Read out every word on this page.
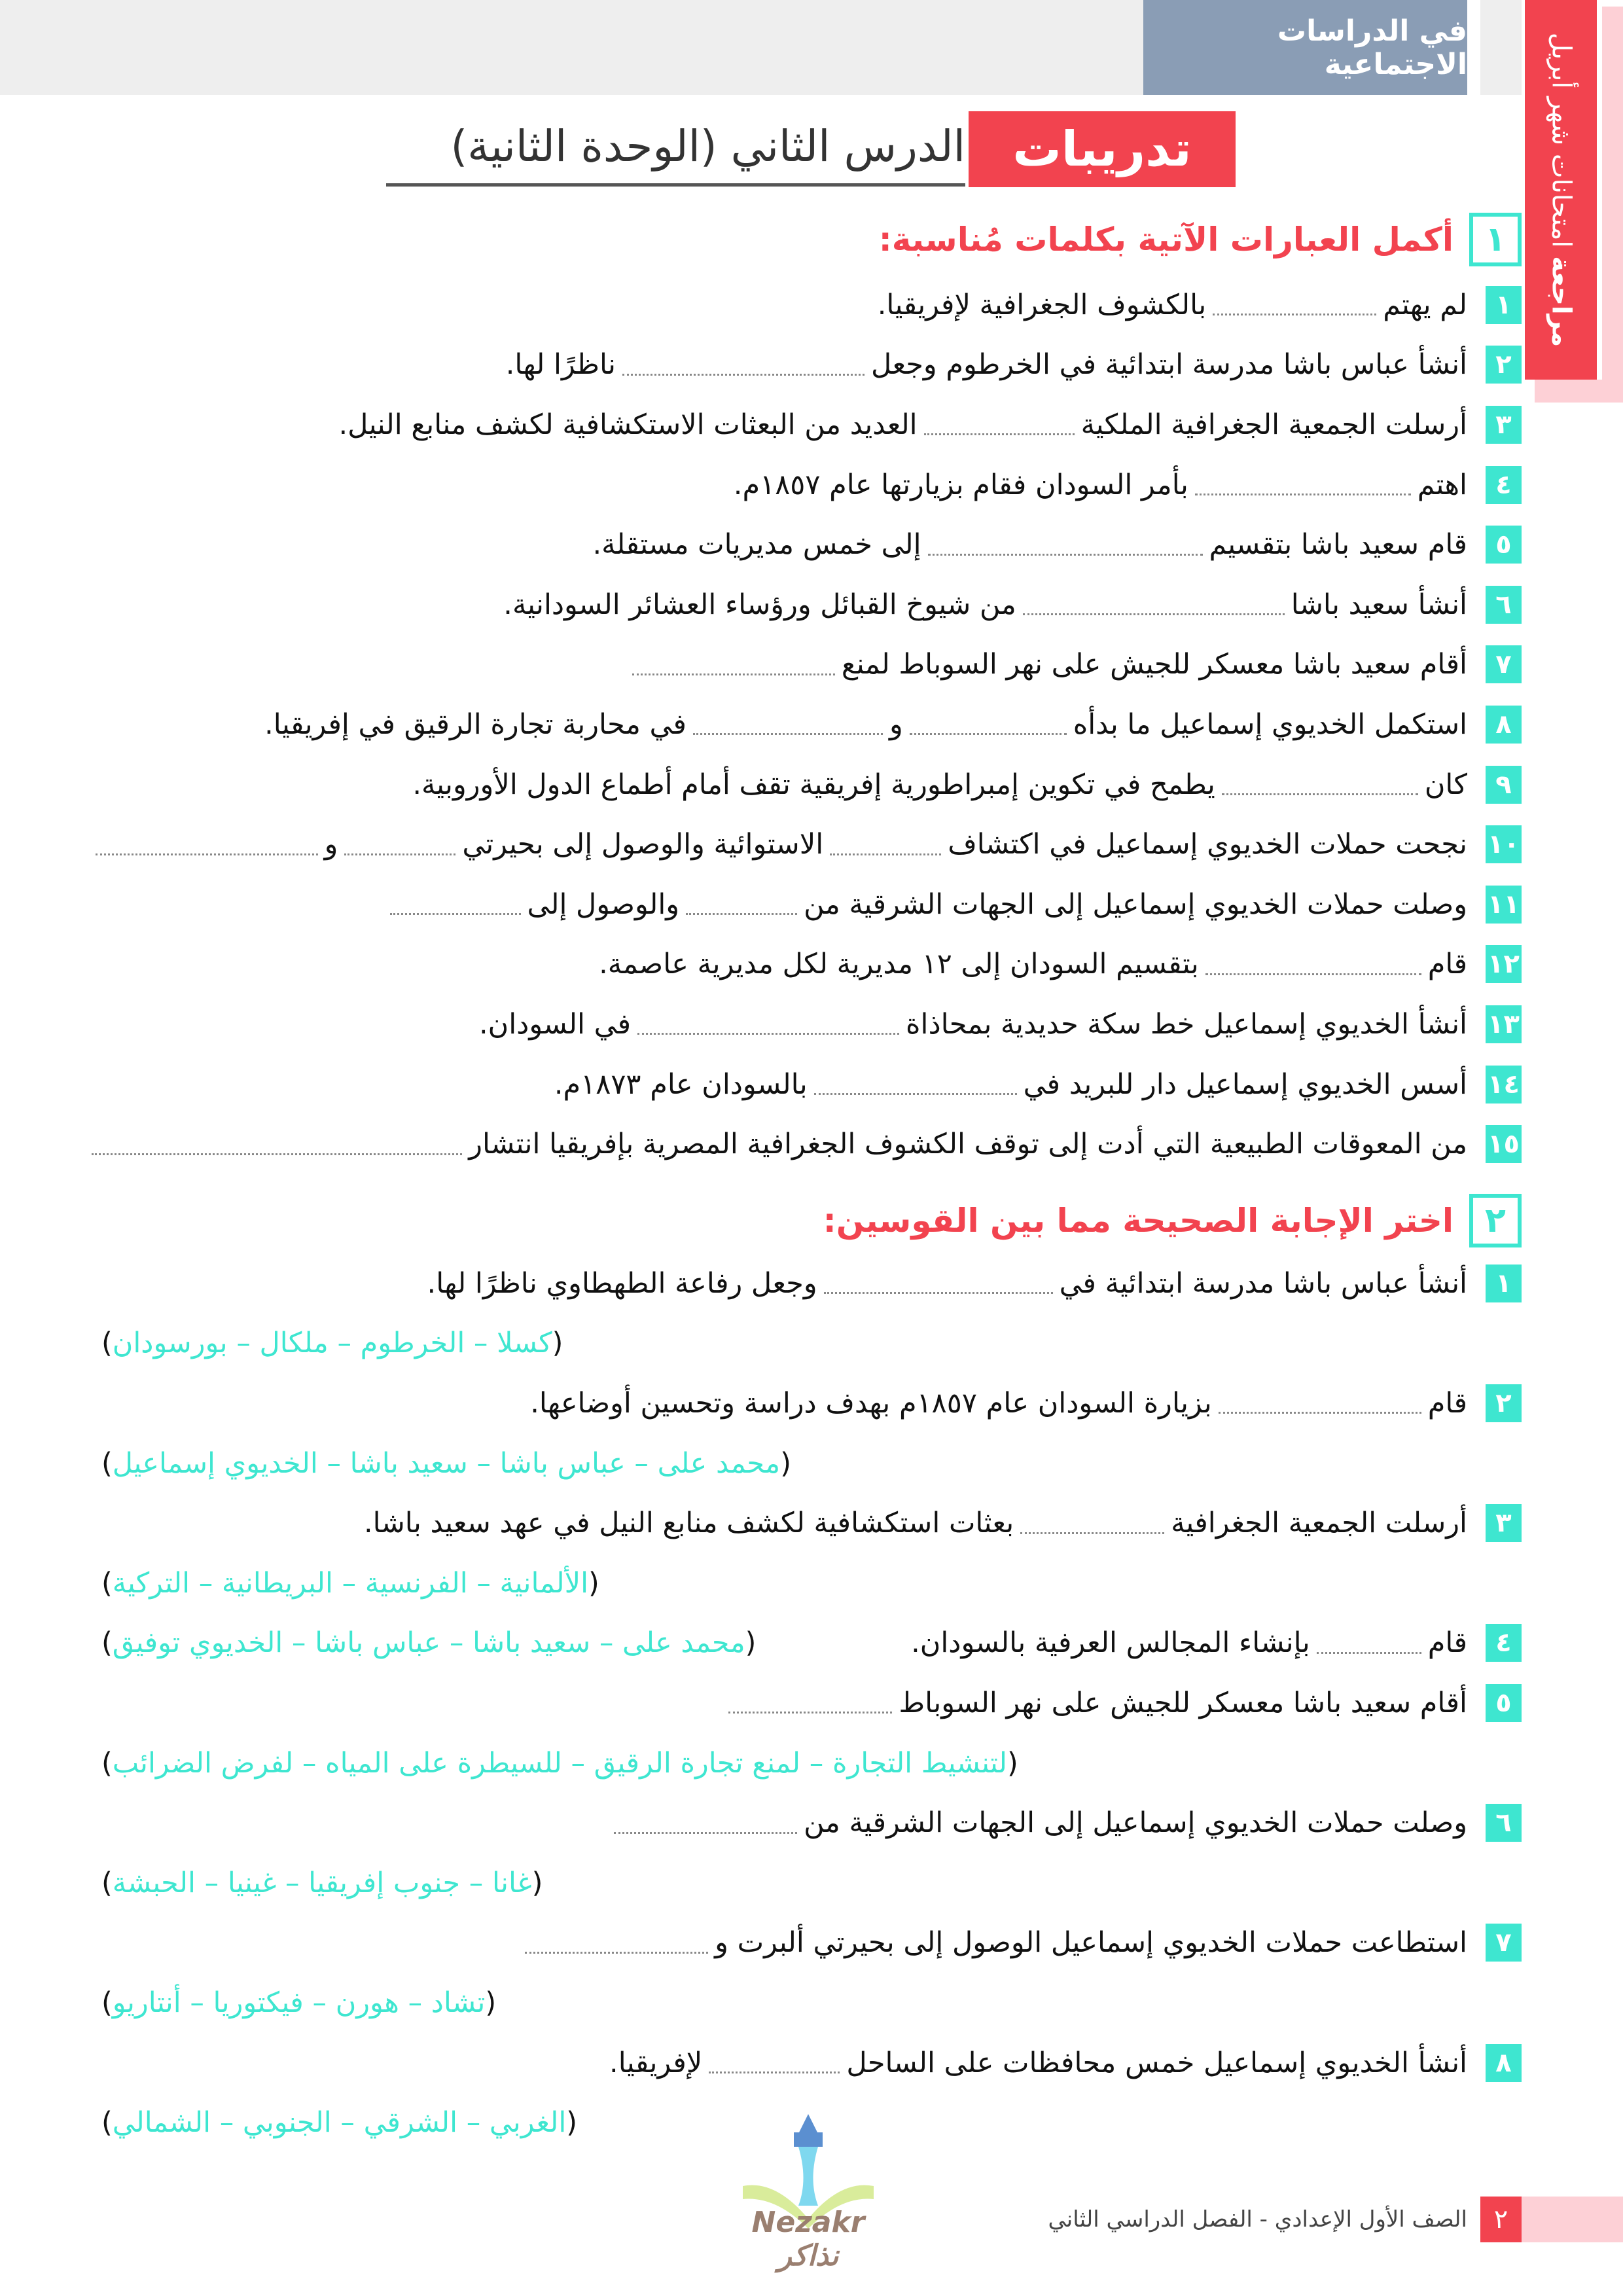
في الدراسات الاجتماعية
مراجعة امتحانات شهر أبريل
تدريبات
الدرس الثاني (الوحدة الثانية)
١
أكمل العبارات الآتية بكلمات مُناسبة:
١
لم يهتم
بالكشوف الجغرافية لإفريقيا.
٢
أنشأ عباس باشا مدرسة ابتدائية في الخرطوم وجعل
ناظرًا لها.
٣
أرسلت الجمعية الجغرافية الملكية
العديد من البعثات الاستكشافية لكشف منابع النيل.
٤
اهتم
بأمر السودان فقام بزيارتها عام ١٨٥٧م.
٥
قام سعيد باشا بتقسيم
إلى خمس مديريات مستقلة.
٦
أنشأ سعيد باشا
من شيوخ القبائل ورؤساء العشائر السودانية.
٧
أقام سعيد باشا معسكر للجيش على نهر السوباط لمنع
٨
استكمل الخديوي إسماعيل ما بدأه
و
في محاربة تجارة الرقيق في إفريقيا.
٩
كان
يطمح في تكوين إمبراطورية إفريقية تقف أمام أطماع الدول الأوروبية.
١٠
نجحت حملات الخديوي إسماعيل في اكتشاف
الاستوائية والوصول إلى بحيرتي
و
١١
وصلت حملات الخديوي إسماعيل إلى الجهات الشرقية من
والوصول إلى
١٢
قام
بتقسيم السودان إلى ١٢ مديرية لكل مديرية عاصمة.
١٣
أنشأ الخديوي إسماعيل خط سكة حديدية بمحاذاة
في السودان.
١٤
أسس الخديوي إسماعيل دار للبريد في
بالسودان عام ١٨٧٣م.
١٥
من المعوقات الطبيعية التي أدت إلى توقف الكشوف الجغرافية المصرية بإفريقيا انتشار
٢
اختر الإجابة الصحيحة مما بين القوسين:
١
أنشأ عباس باشا مدرسة ابتدائية في
وجعل رفاعة الطهطاوي ناظرًا لها.
(
كسلا – الخرطوم – ملكال – بورسودان
)
٢
قام
بزيارة السودان عام ١٨٥٧م بهدف دراسة وتحسين أوضاعها.
(
محمد على – عباس باشا – سعيد باشا – الخديوي إسماعيل
)
٣
أرسلت الجمعية الجغرافية
بعثات استكشافية لكشف منابع النيل في عهد سعيد باشا.
(
الألمانية – الفرنسية – البريطانية – التركية
)
٤
قام
بإنشاء المجالس العرفية بالسودان.
(
محمد على – سعيد باشا – عباس باشا – الخديوي توفيق
)
٥
أقام سعيد باشا معسكر للجيش على نهر السوباط
(
لتنشيط التجارة – لمنع تجارة الرقيق – للسيطرة على المياه – لفرض الضرائب
)
٦
وصلت حملات الخديوي إسماعيل إلى الجهات الشرقية من
(
غانا – جنوب إفريقيا – غينيا – الحبشة
)
٧
استطاعت حملات الخديوي إسماعيل الوصول إلى بحيرتي ألبرت و
(
تشاد – هورن – فيكتوريا – أنتاريو
)
٨
أنشأ الخديوي إسماعيل خمس محافظات على الساحل
لإفريقيا.
(
الغربي – الشرقي – الجنوبي – الشمالي
)
Nezakr نذاكر
٢
الصف الأول الإعدادي - الفصل الدراسي الثاني
